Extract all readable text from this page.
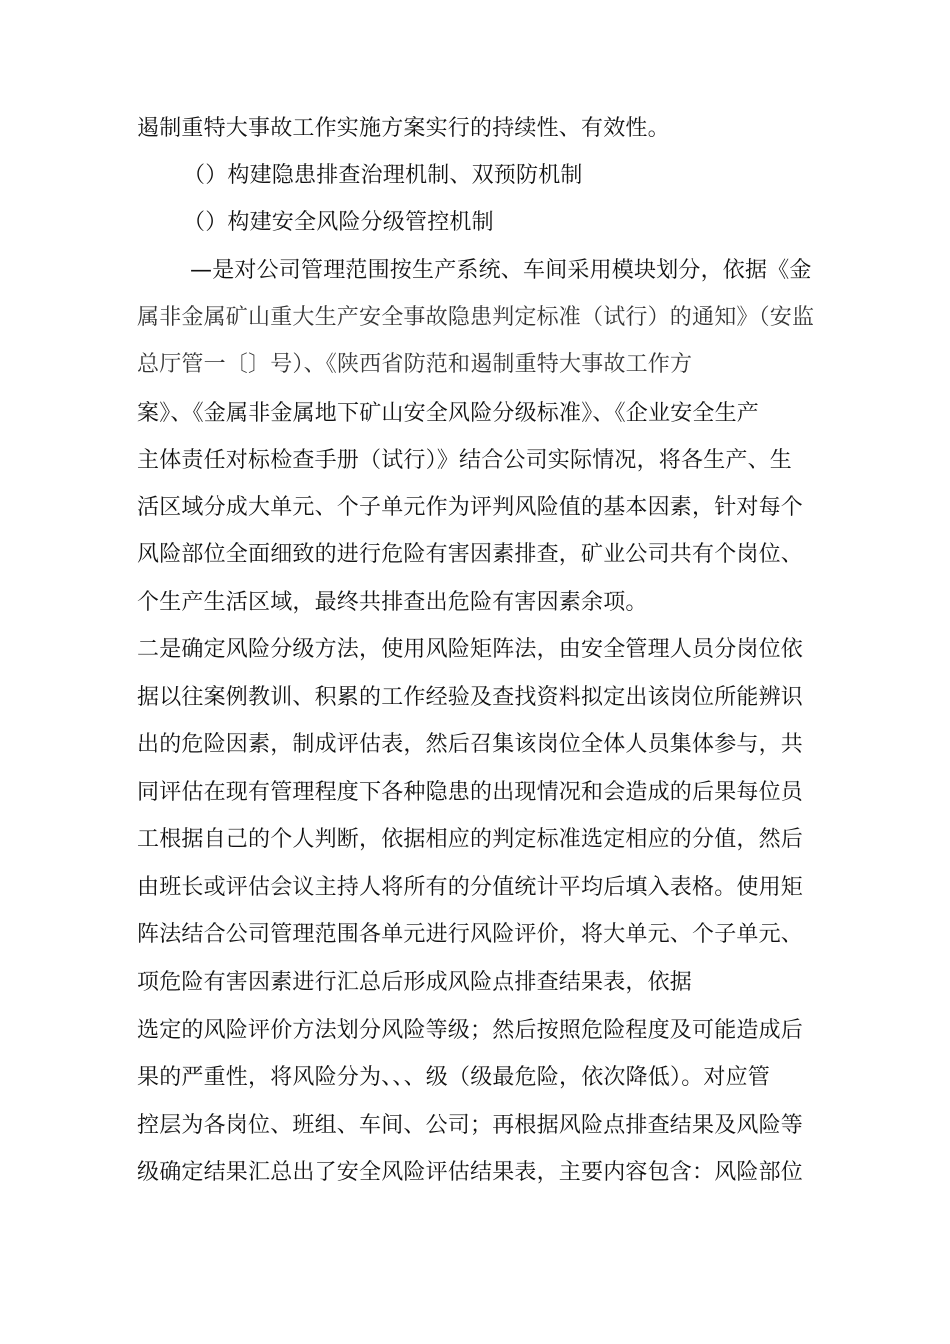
遏制重特大事故工作实施方案实行的持续性、有效性。
（）构建隐患排查治理机制、双预防机制
（）构建安全风险分级管控机制
—是对公司管理范围按生产系统、车间采用模块划分，依据《金
属非金属矿山重大生产安全事故隐患判定标准（试行）的通知》（安监
总厅管一〔〕号）、《陕西省防范和遏制重特大事故工作方
案》、《金属非金属地下矿山安全风险分级标准》、《企业安全生产
主体责任对标检查手册（试行）》结合公司实际情况，将各生产、生
活区域分成大单元、个子单元作为评判风险值的基本因素，针对每个
风险部位全面细致的进行危险有害因素排查，矿业公司共有个岗位、
个生产生活区域，最终共排查出危险有害因素余项。
二是确定风险分级方法，使用风险矩阵法，由安全管理人员分岗位依
据以往案例教训、积累的工作经验及查找资料拟定出该岗位所能辨识
出的危险因素，制成评估表，然后召集该岗位全体人员集体参与，共
同评估在现有管理程度下各种隐患的出现情况和会造成的后果每位员
工根据自己的个人判断，依据相应的判定标准选定相应的分值，然后
由班长或评估会议主持人将所有的分值统计平均后填入表格。使用矩
阵法结合公司管理范围各单元进行风险评价，将大单元、个子单元、
项危险有害因素进行汇总后形成风险点排查结果表，依据
选定的风险评价方法划分风险等级；然后按照危险程度及可能造成后
果的严重性，将风险分为、、、级（级最危险，依次降低）。对应管
控层为各岗位、班组、车间、公司；再根据风险点排查结果及风险等
级确定结果汇总出了安全风险评估结果表，主要内容包含：风险部位
